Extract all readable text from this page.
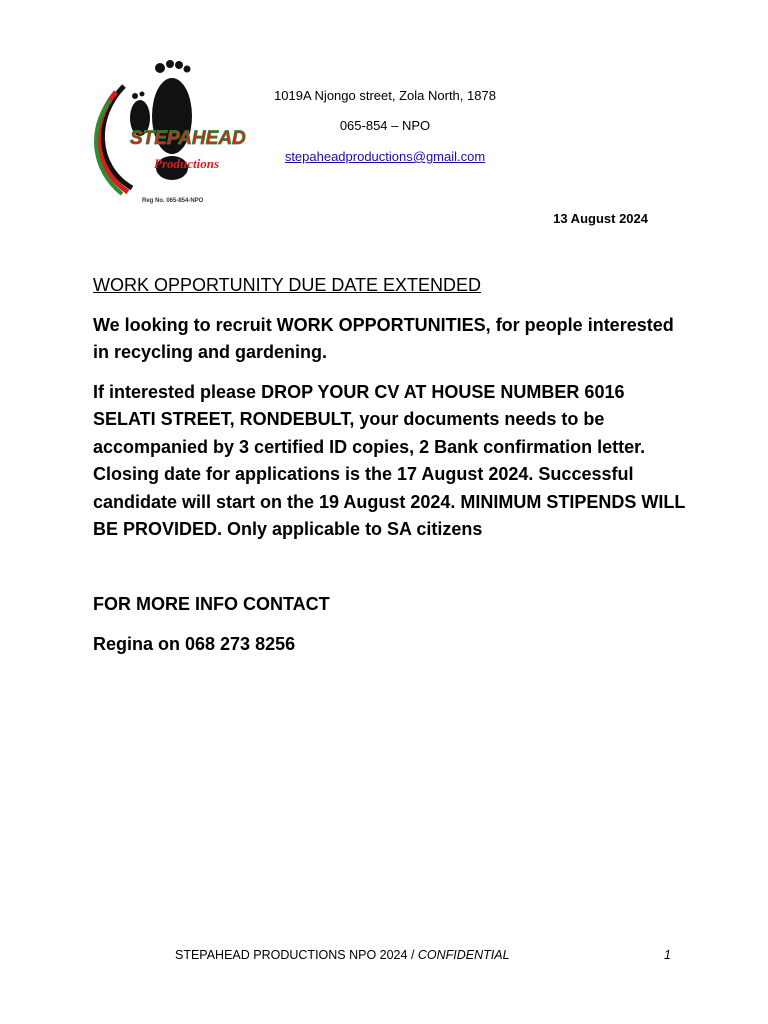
STEPAHEAD
Productions
Reg No. 065-854-NPO
1019A Njongo street, Zola North, 1878
065-854 – NPO
stepaheadproductions@gmail.com
13 August 2024
WORK OPPORTUNITY DUE DATE EXTENDED
We looking to recruit WORK OPPORTUNITIES, for people interested in recycling and gardening.
If interested please DROP YOUR CV AT HOUSE NUMBER 6016 SELATI STREET, RONDEBULT, your documents needs to be accompanied by 3 certified ID copies, 2 Bank confirmation letter. Closing date for applications is the 17 August 2024. Successful candidate will start on the 19 August 2024. MINIMUM STIPENDS WILL BE PROVIDED. Only applicable to SA citizens
FOR MORE INFO CONTACT
Regina on 068 273 8256
STEPAHEAD PRODUCTIONS NPO 2024 / CONFIDENTIAL	1
